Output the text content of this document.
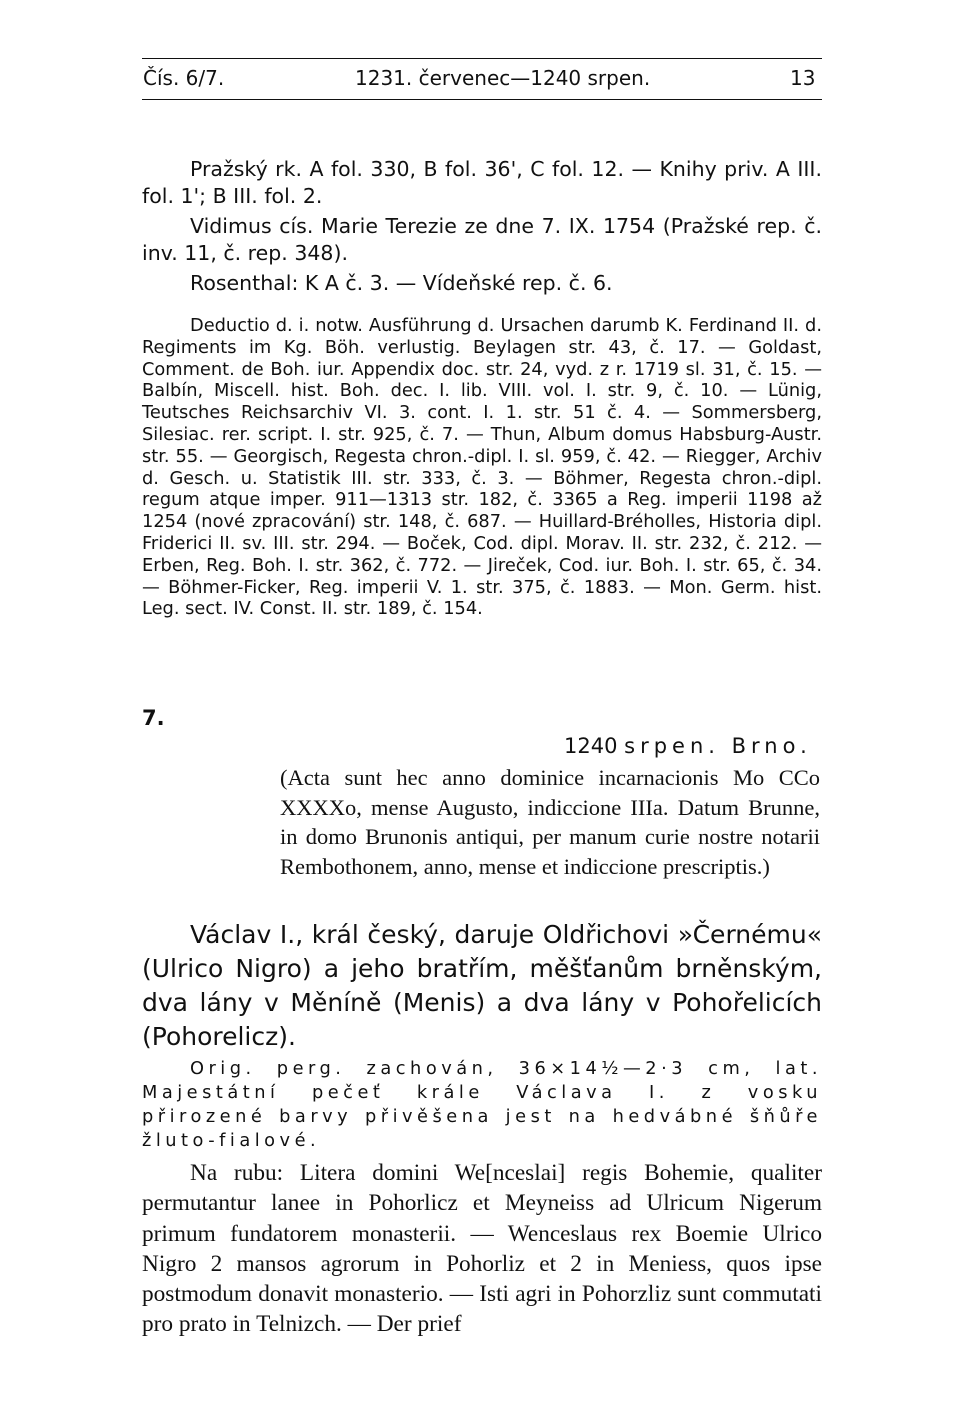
Čís. 6/7.	1231. červenec—1240 srpen.	13

Pražský rk. A fol. 330, B fol. 36', C fol. 12. — Knihy priv. A III. fol. 1'; B III. fol. 2.

Vidimus cís. Marie Terezie ze dne 7. IX. 1754 (Pražské rep. č. inv. 11, č. rep. 348).

Rosenthal: K A č. 3. — Vídeňské rep. č. 6.

Deductio d. i. notw. Ausführung d. Ursachen darumb K. Ferdinand II. d. Regiments im Kg. Böh. verlustig. Beylagen str. 43, č. 17. — Goldast, Comment. de Boh. iur. Appendix doc. str. 24, vyd. z r. 1719 sl. 31, č. 15. — Balbín, Miscell. hist. Boh. dec. I. lib. VIII. vol. I. str. 9, č. 10. — Lünig, Teutsches Reichsarchiv VI. 3. cont. I. 1. str. 51 č. 4. — Sommersberg, Silesiac. rer. script. I. str. 925, č. 7. — Thun, Album domus Habsburg-Austr. str. 55. — Georgisch, Regesta chron.-dipl. I. sl. 959, č. 42. — Riegger, Archiv d. Gesch. u. Statistik III. str. 333, č. 3. — Böhmer, Regesta chron.-dipl. regum atque imper. 911—1313 str. 182, č. 3365 a Reg. imperii 1198 až 1254 (nové zpracování) str. 148, č. 687. — Huillard-Bréholles, Historia dipl. Friderici II. sv. III. str. 294. — Boček, Cod. dipl. Morav. II. str. 232, č. 212. — Erben, Reg. Boh. I. str. 362, č. 772. — Jireček, Cod. iur. Boh. I. str. 65, č. 34. — Böhmer-Ficker, Reg. imperii V. 1. str. 375, č. 1883. — Mon. Germ. hist. Leg. sect. IV. Const. II. str. 189, č. 154.

7.
1240 srpen. Brno.

(Acta sunt hec anno dominice incarnacionis Mo CCo XXXXo, mense Augusto, indiccione IIIa. Datum Brunne, in domo Brunonis antiqui, per manum curie nostre notarii Rembothonem, anno, mense et indiccione prescriptis.)

Václav I., král český, daruje Oldřichovi »Černému« (Ulrico Nigro) a jeho bratřím, měšťanům brněnským, dva lány v Měníně (Menis) a dva lány v Pohořelicích (Pohorelicz).

Orig. perg. zachován, 36×14½—2·3 cm, lat. Majestátní pečeť krále Václava I. z vosku přirozené barvy přivěšena jest na hedvábné šňůře žluto-fialové.

Na rubu: Litera domini We[nceslai] regis Bohemie, qualiter permutantur lanee in Pohorlicz et Meyneiss ad Ulricum Nigerum primum fundatorem monasterii. — Wenceslaus rex Boemie Ulrico Nigro 2 mansos agrorum in Pohorliz et 2 in Meniess, quos ipse postmodum donavit monasterio. — Isti agri in Pohorzliz sunt commutati pro prato in Telnizch. — Der prief
